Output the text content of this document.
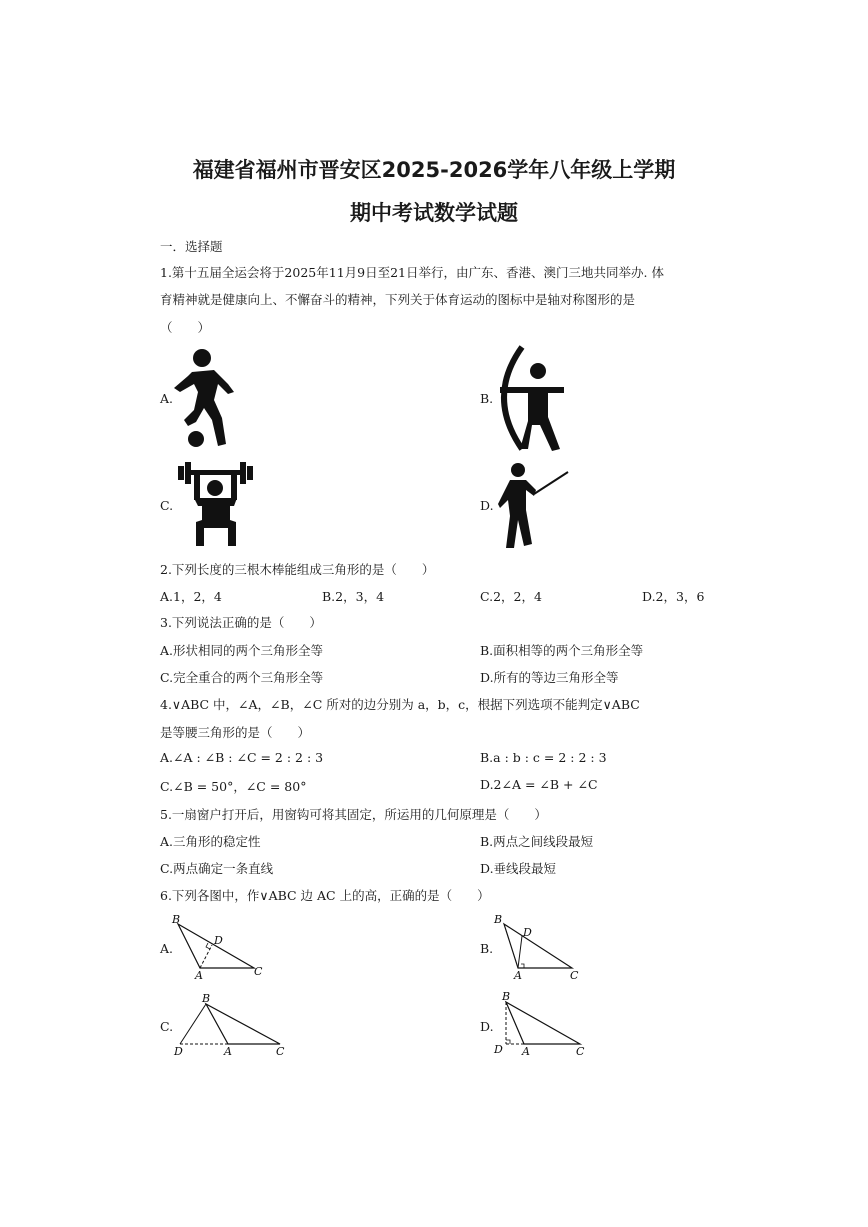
福建省福州市晋安区2025-2026学年八年级上学期
期中考试数学试题
一．选择题
1.第十五届全运会将于2025年11月9日至21日举行，由广东、香港、澳门三地共同举办. 体
育精神就是健康向上、不懈奋斗的精神，下列关于体育运动的图标中是轴对称图形的是
（　　）
A.	B.
C.	D.
2.下列长度的三根木棒能组成三角形的是（　　）
A.1，2，4	B.2，3，4	C.2，2，4	D.2，3，6
3.下列说法正确的是（　　）
A.形状相同的两个三角形全等	B.面积相等的两个三角形全等
C.完全重合的两个三角形全等	D.所有的等边三角形全等
4.∨ABC 中，∠A，∠B，∠C 所对的边分别为 a，b，c，根据下列选项不能判定∨ABC
是等腰三角形的是（　　）
A.∠A : ∠B : ∠C = 2 : 2 : 3	B.a : b : c = 2 : 2 : 3
C.∠B = 50°，∠C = 80°	D.2∠A = ∠B + ∠C
5.一扇窗户打开后，用窗钩可将其固定，所运用的几何原理是（　　）
A.三角形的稳定性	B.两点之间线段最短
C.两点确定一条直线	D.垂线段最短
6.下列各图中，作∨ABC 边 AC 上的高，正确的是（　　）
A.	B.
C.	D.
B
D
A	C
B
D
A	C
B
D	A	C
B
D A	C
